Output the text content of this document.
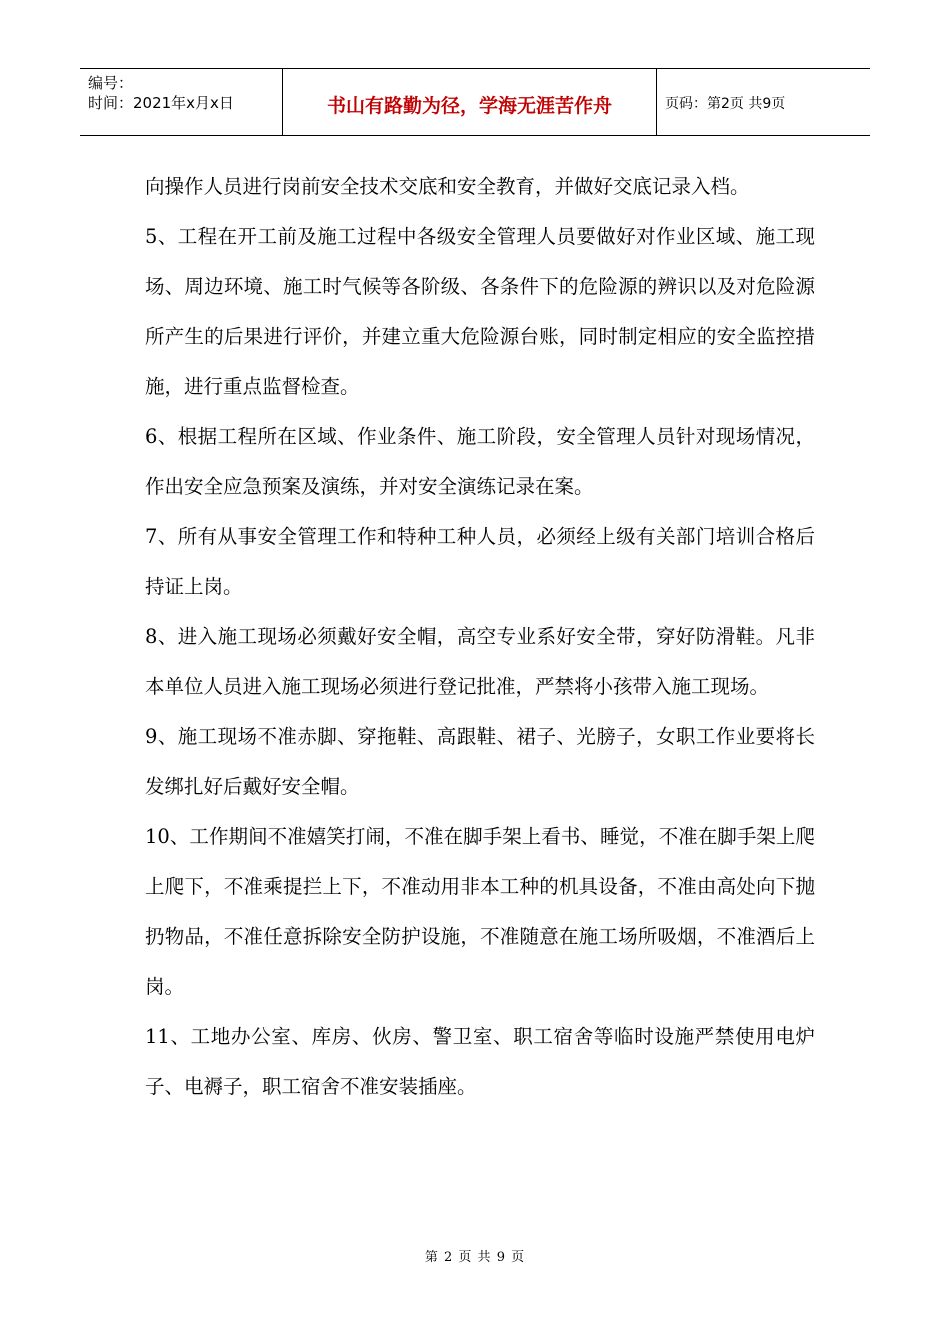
编号：
时间：2021年x月x日	书山有路勤为径，学海无涯苦作舟	页码：第2页 共9页

向操作人员进行岗前安全技术交底和安全教育，并做好交底记录入档。

5、工程在开工前及施工过程中各级安全管理人员要做好对作业区域、施工现场、周边环境、施工时气候等各阶级、各条件下的危险源的辨识以及对危险源所产生的后果进行评价，并建立重大危险源台账，同时制定相应的安全监控措施，进行重点监督检查。

6、根据工程所在区域、作业条件、施工阶段，安全管理人员针对现场情况，作出安全应急预案及演练，并对安全演练记录在案。

7、所有从事安全管理工作和特种工种人员，必须经上级有关部门培训合格后持证上岗。

8、进入施工现场必须戴好安全帽，高空专业系好安全带，穿好防滑鞋。凡非本单位人员进入施工现场必须进行登记批准，严禁将小孩带入施工现场。

9、施工现场不准赤脚、穿拖鞋、高跟鞋、裙子、光膀子，女职工作业要将长发绑扎好后戴好安全帽。

10、工作期间不准嬉笑打闹，不准在脚手架上看书、睡觉，不准在脚手架上爬上爬下，不准乘提拦上下，不准动用非本工种的机具设备，不准由高处向下抛扔物品，不准任意拆除安全防护设施，不准随意在施工场所吸烟，不准酒后上岗。

11、工地办公室、库房、伙房、警卫室、职工宿舍等临时设施严禁使用电炉子、电褥子，职工宿舍不准安装插座。

第 2 页 共 9 页
